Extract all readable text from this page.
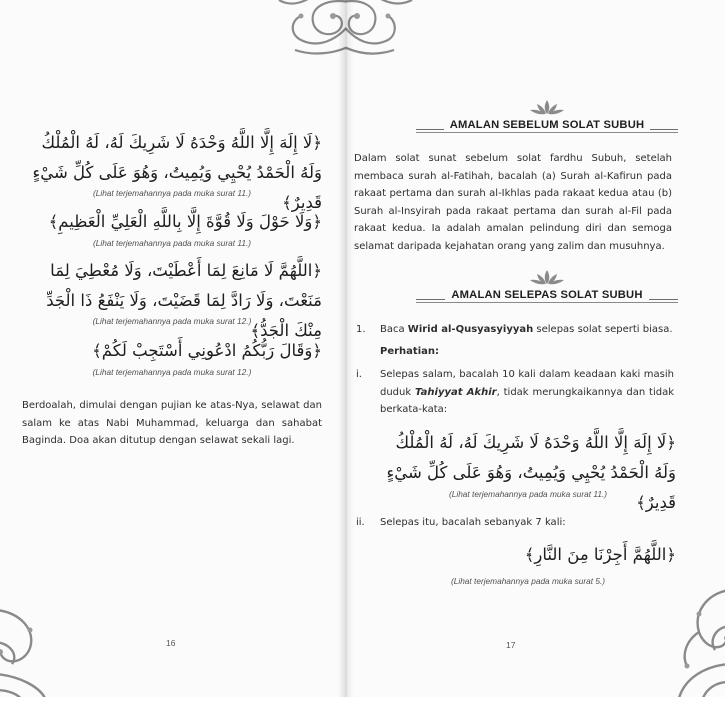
﴿لَا إِلَهَ إِلَّا اللَّهُ وَحْدَهُ لَا شَرِيكَ لَهُ، لَهُ الْمُلْكُ وَلَهُ الْحَمْدُ يُحْيِي وَيُمِيتُ، وَهُوَ عَلَى كُلِّ شَيْءٍ قَدِيرٌ﴾
(Lihat terjemahannya pada muka surat 11.)
﴿وَلَا حَوْلَ وَلَا قُوَّةَ إِلَّا بِاللَّهِ الْعَلِيِّ الْعَظِيمِ﴾
(Lihat terjemahannya pada muka surat 11.)
﴿اللَّهُمَّ لَا مَانِعَ لِمَا أَعْطَيْتَ، وَلَا مُعْطِيَ لِمَا مَنَعْتَ، وَلَا رَادَّ لِمَا قَضَيْتَ، وَلَا يَنْفَعُ ذَا الْجَدِّ مِنْكَ الْجَدُّ﴾
(Lihat terjemahannya pada muka surat 12.)
﴿وَقَالَ رَبُّكُمُ ادْعُونِي أَسْتَجِبْ لَكُمْ﴾
(Lihat terjemahannya pada muka surat 12.)
Berdoalah, dimulai dengan pujian ke atas-Nya, selawat dan salam ke atas Nabi Muhammad, keluarga dan sahabat Baginda. Doa akan ditutup dengan selawat sekali lagi.
16
AMALAN SEBELUM SOLAT SUBUH
Dalam solat sunat sebelum solat fardhu Subuh, setelah membaca surah al-Fatihah, bacalah (a) Surah al-Kafirun pada rakaat pertama dan surah al-Ikhlas pada rakaat kedua atau (b) Surah al-Insyirah pada rakaat pertama dan surah al-Fil pada rakaat kedua. Ia adalah amalan pelindung diri dan semoga selamat daripada kejahatan orang yang zalim dan musuhnya.
AMALAN SELEPAS SOLAT SUBUH
1. Baca Wirid al-Qusyasyiyyah selepas solat seperti biasa.
Perhatian:
i. Selepas salam, bacalah 10 kali dalam keadaan kaki masih duduk Tahiyyat Akhir, tidak merungkaikannya dan tidak berkata-kata:
﴿لَا إِلَهَ إِلَّا اللَّهُ وَحْدَهُ لَا شَرِيكَ لَهُ، لَهُ الْمُلْكُ وَلَهُ الْحَمْدُ يُحْيِي وَيُمِيتُ، وَهُوَ عَلَى كُلِّ شَيْءٍ قَدِيرٌ﴾
(Lihat terjemahannya pada muka surat 11.)
ii. Selepas itu, bacalah sebanyak 7 kali:
﴿اللَّهُمَّ أَجِرْنَا مِنَ النَّارِ﴾
(Lihat terjemahannya pada muka surat 5.)
17
